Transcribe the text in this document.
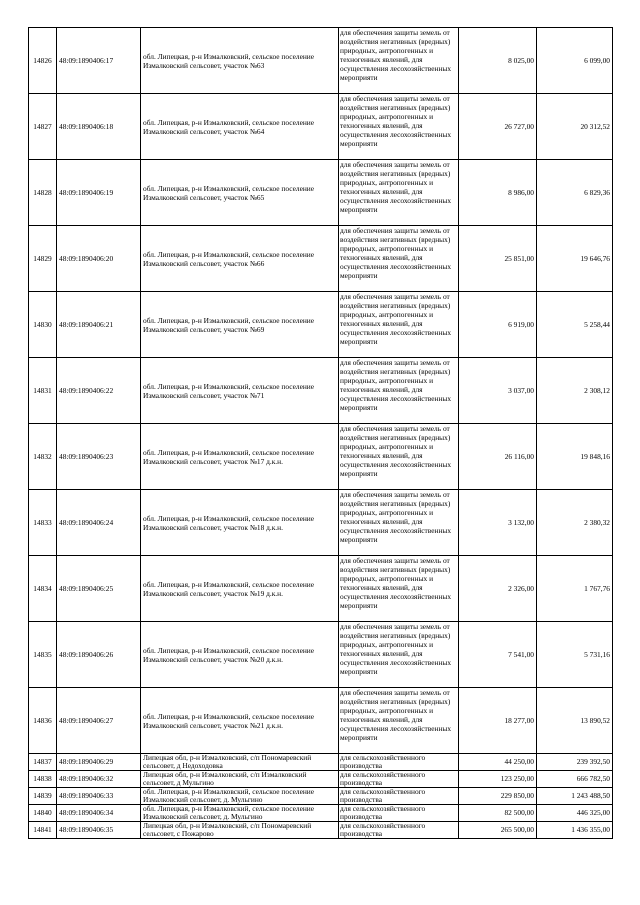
14826	48:09:1890406:17	обл. Липецкая, р-н Измалковский, сельское поселение Измалковский сельсовет, участок №63	для обеспечения защиты земель от воздействия негативных (вредных) природных, антропогенных и техногенных явлений, для осуществления лесохозяйственных мероприяти	8 025,00	6 099,00
14827	48:09:1890406:18	обл. Липецкая, р-н Измалковский, сельское поселение Измалковский сельсовет, участок №64	для обеспечения защиты земель от воздействия негативных (вредных) природных, антропогенных и техногенных явлений, для осуществления лесохозяйственных мероприяти	26 727,00	20 312,52
14828	48:09:1890406:19	обл. Липецкая, р-н Измалковский, сельское поселение Измалковский сельсовет, участок №65	для обеспечения защиты земель от воздействия негативных (вредных) природных, антропогенных и техногенных явлений, для осуществления лесохозяйственных мероприяти	8 986,00	6 829,36
14829	48:09:1890406:20	обл. Липецкая, р-н Измалковский, сельское поселение Измалковский сельсовет, участок №66	для обеспечения защиты земель от воздействия негативных (вредных) природных, антропогенных и техногенных явлений, для осуществления лесохозяйственных мероприяти	25 851,00	19 646,76
14830	48:09:1890406:21	обл. Липецкая, р-н Измалковский, сельское поселение Измалковский сельсовет, участок №69	для обеспечения защиты земель от воздействия негативных (вредных) природных, антропогенных и техногенных явлений, для осуществления лесохозяйственных мероприяти	6 919,00	5 258,44
14831	48:09:1890406:22	обл. Липецкая, р-н Измалковский, сельское поселение Измалковский сельсовет, участок №71	для обеспечения защиты земель от воздействия негативных (вредных) природных, антропогенных и техногенных явлений, для осуществления лесохозяйственных мероприяти	3 037,00	2 308,12
14832	48:09:1890406:23	обл. Липецкая, р-н Измалковский, сельское поселение Измалковский сельсовет, участок №17 д.к.н.	для обеспечения защиты земель от воздействия негативных (вредных) природных, антропогенных и техногенных явлений, для осуществления лесохозяйственных мероприяти	26 116,00	19 848,16
14833	48:09:1890406:24	обл. Липецкая, р-н Измалковский, сельское поселение Измалковский сельсовет, участок №18 д.к.н.	для обеспечения защиты земель от воздействия негативных (вредных) природных, антропогенных и техногенных явлений, для осуществления лесохозяйственных мероприяти	3 132,00	2 380,32
14834	48:09:1890406:25	обл. Липецкая, р-н Измалковский, сельское поселение Измалковский сельсовет, участок №19 д.к.н.	для обеспечения защиты земель от воздействия негативных (вредных) природных, антропогенных и техногенных явлений, для осуществления лесохозяйственных мероприяти	2 326,00	1 767,76
14835	48:09:1890406:26	обл. Липецкая, р-н Измалковский, сельское поселение Измалковский сельсовет, участок №20 д.к.н.	для обеспечения защиты земель от воздействия негативных (вредных) природных, антропогенных и техногенных явлений, для осуществления лесохозяйственных мероприяти	7 541,00	5 731,16
14836	48:09:1890406:27	обл. Липецкая, р-н Измалковский, сельское поселение Измалковский сельсовет, участок №21 д.к.н.	для обеспечения защиты земель от воздействия негативных (вредных) природных, антропогенных и техногенных явлений, для осуществления лесохозяйственных мероприяти	18 277,00	13 890,52
14837	48:09:1890406:29	Липецкая обл, р-н Измалковский, с/п Пономаревский сельсовет, д Недоходовка	для сельскохозяйственного производства	44 250,00	239 392,50
14838	48:09:1890406:32	Липецкая обл, р-н Измалковский, с/п Измалковский сельсовет, д Мульгино	для сельскохозяйственного производства	123 250,00	666 782,50
14839	48:09:1890406:33	обл. Липецкая, р-н Измалковский, сельское поселение Измалковский сельсовет, д. Мульгино	для сельскохозяйственного производства	229 850,00	1 243 488,50
14840	48:09:1890406:34	обл. Липецкая, р-н Измалковский, сельское поселение Измалковский сельсовет, д. Мульгино	для сельскохозяйственного производства	82 500,00	446 325,00
14841	48:09:1890406:35	Липецкая обл, р-н Измалковский, с/п Пономаревский сельсовет, с Пожарово	для сельскохозяйственного производства	265 500,00	1 436 355,00
